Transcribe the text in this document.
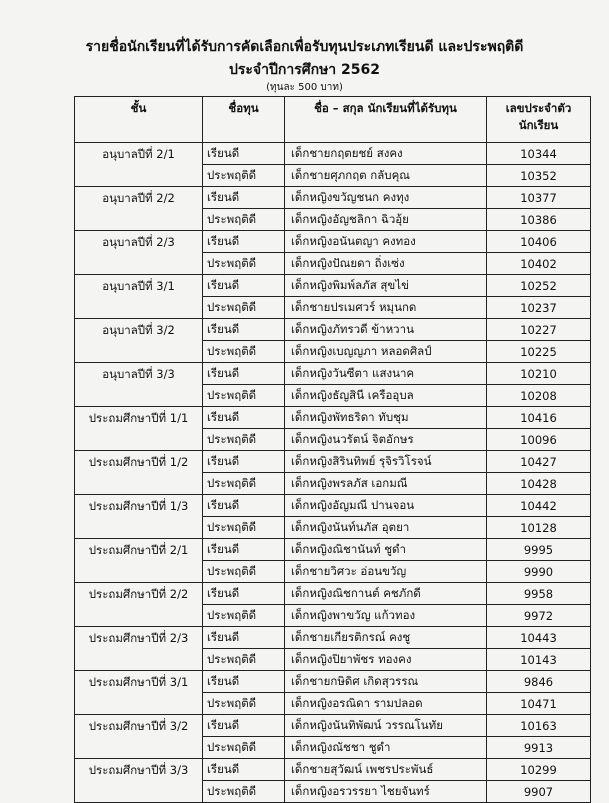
รายชื่อนักเรียนที่ได้รับการคัดเลือกเพื่อรับทุนประเภทเรียนดี และประพฤติดี
ประจำปีการศึกษา 2562
(ทุนละ 500 บาท)
ชั้น	ชื่อทุน	ชื่อ – สกุล นักเรียนที่ได้รับทุน	เลขประจำตัว
นักเรียน
อนุบาลปีที่ 2/1	เรียนดี	เด็กชายกฤตยชย์ สงคง	10344
	ประพฤติดี	เด็กชายศุภกฤต กลับคุณ	10352
อนุบาลปีที่ 2/2	เรียนดี	เด็กหญิงขวัญชนก คงทุง	10377
	ประพฤติดี	เด็กหญิงอัญชลิกา ฉิวอุ้ย	10386
อนุบาลปีที่ 2/3	เรียนดี	เด็กหญิงอนันตญา คงทอง	10406
	ประพฤติดี	เด็กหญิงปัณยดา ถิ่งเซ่ง	10402
อนุบาลปีที่ 3/1	เรียนดี	เด็กหญิงพิมพ์ลภัส สุขไข่	10252
	ประพฤติดี	เด็กชายปรเมศวร์ หมุนกด	10237
อนุบาลปีที่ 3/2	เรียนดี	เด็กหญิงภัทรวดี ข้าหวาน	10227
	ประพฤติดี	เด็กหญิงเบญญภา หลอดศิลป์	10225
อนุบาลปีที่ 3/3	เรียนดี	เด็กหญิงวันซีตา แสงนาค	10210
	ประพฤติดี	เด็กหญิงธัญสินี เครืออุบล	10208
ประถมศึกษาปีที่ 1/1	เรียนดี	เด็กหญิงพัทธริดา ทับชุม	10416
	ประพฤติดี	เด็กหญิงนวรัตน์ จิตอักษร	10096
ประถมศึกษาปีที่ 1/2	เรียนดี	เด็กหญิงสิรินทิพย์ รุจิรวิโรจน์	10427
	ประพฤติดี	เด็กหญิงพรลภัส เอกมณี	10428
ประถมศึกษาปีที่ 1/3	เรียนดี	เด็กหญิงอัญมณี ปานจอน	10442
	ประพฤติดี	เด็กหญิงนันท์นภัส อุตยา	10128
ประถมศึกษาปีที่ 2/1	เรียนดี	เด็กหญิงณิชานันท์ ชูดำ	9995
	ประพฤติดี	เด็กชายวิศวะ อ่อนขวัญ	9990
ประถมศึกษาปีที่ 2/2	เรียนดี	เด็กหญิงณิชกานต์ คชภักดี	9958
	ประพฤติดี	เด็กหญิงพาขวัญ แก้วทอง	9972
ประถมศึกษาปีที่ 2/3	เรียนดี	เด็กชายเกียรติกรณ์ คงชู	10443
	ประพฤติดี	เด็กหญิงปิยาพัชร ทองคง	10143
ประถมศึกษาปีที่ 3/1	เรียนดี	เด็กชายกษิดิศ เกิดสุวรรณ	9846
	ประพฤติดี	เด็กหญิงอรณิดา รามปลอด	10471
ประถมศึกษาปีที่ 3/2	เรียนดี	เด็กหญิงนันทิพัฒน์ วรรณโนทัย	10163
	ประพฤติดี	เด็กหญิงณัชชา ชูดำ	9913
ประถมศึกษาปีที่ 3/3	เรียนดี	เด็กชายสุวัฒน์ เพชรประพันธ์	10299
	ประพฤติดี	เด็กหญิงอรวรรยา ไชยจันทร์	9907
